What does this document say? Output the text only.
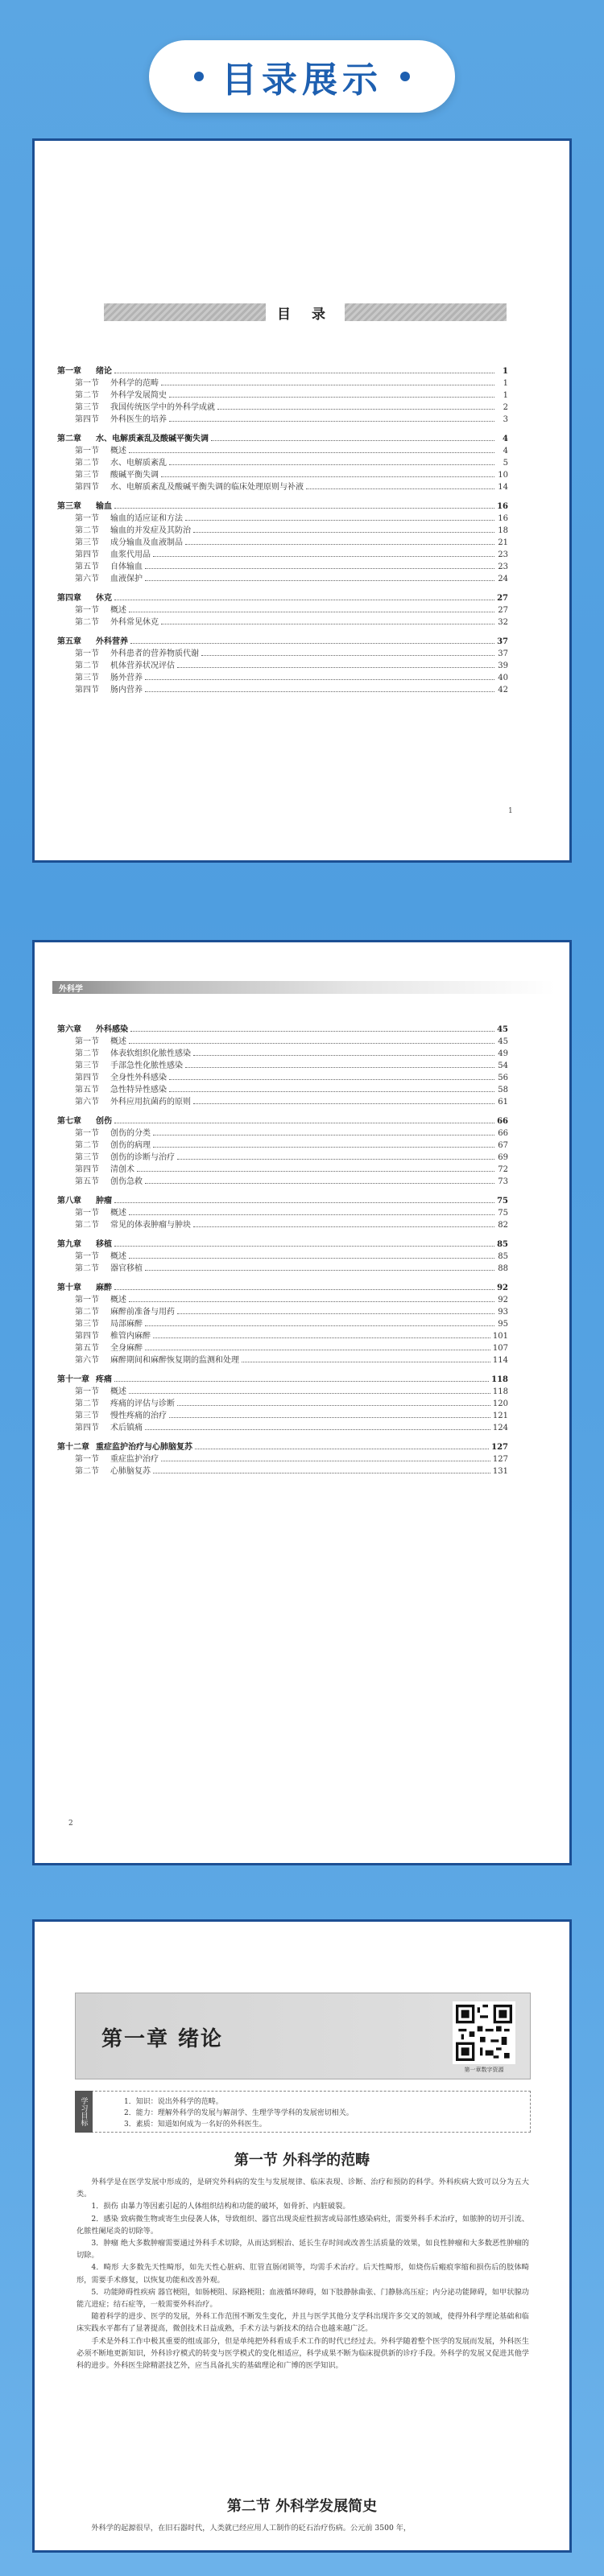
目录展示
目 录
第一章	绪论	1
第一节	外科学的范畴	1
第二节	外科学发展简史	1
第三节	我国传统医学中的外科学成就	2
第四节	外科医生的培养	3
第二章	水、电解质紊乱及酸碱平衡失调	4
第一节	概述	4
第二节	水、电解质紊乱	5
第三节	酸碱平衡失调	10
第四节	水、电解质紊乱及酸碱平衡失调的临床处理原则与补液	14
第三章	输血	16
第一节	输血的适应证和方法	16
第二节	输血的并发症及其防治	18
第三节	成分输血及血液制品	21
第四节	血浆代用品	23
第五节	自体输血	23
第六节	血液保护	24
第四章	休克	27
第一节	概述	27
第二节	外科常见休克	32
第五章	外科营养	37
第一节	外科患者的营养物质代谢	37
第二节	机体营养状况评估	39
第三节	肠外营养	40
第四节	肠内营养	42
1
外科学
第六章	外科感染	45
第一节	概述	45
第二节	体表软组织化脓性感染	49
第三节	手部急性化脓性感染	54
第四节	全身性外科感染	56
第五节	急性特异性感染	58
第六节	外科应用抗菌药的原则	61
第七章	创伤	66
第一节	创伤的分类	66
第二节	创伤的病理	67
第三节	创伤的诊断与治疗	69
第四节	清创术	72
第五节	创伤急救	73
第八章	肿瘤	75
第一节	概述	75
第二节	常见的体表肿瘤与肿块	82
第九章	移植	85
第一节	概述	85
第二节	器官移植	88
第十章	麻醉	92
第一节	概述	92
第二节	麻醉前准备与用药	93
第三节	局部麻醉	95
第四节	椎管内麻醉	101
第五节	全身麻醉	107
第六节	麻醉期间和麻醉恢复期的监测和处理	114
第十一章 疼痛	118
第一节	概述	118
第二节	疼痛的评估与诊断	120
第三节	慢性疼痛的治疗	121
第四节	术后镇痛	124
第十二章 重症监护治疗与心肺脑复苏	127
第一节	重症监护治疗	127
第二节	心肺脑复苏	131
2
第一章 绪论
第一章数字资源
学习目标	1．知识：说出外科学的范畴。
2．能力：理解外科学的发展与解剖学、生理学等学科的发展密切相关。
3．素质：知道如何成为一名好的外科医生。
第一节 外科学的范畴

外科学是在医学发展中形成的，是研究外科病的发生与发展规律、临床表现、诊断、治疗和预防的科学。外科疾病大致可以分为五大类。

1．损伤 由暴力等因素引起的人体组织结构和功能的破坏，如骨折、内脏破裂。

2．感染 致病微生物或寄生虫侵袭人体，导致组织、器官出现炎症性损害或局部性感染病灶，需要外科手术治疗，如脓肿的切开引流、化脓性阑尾炎的切除等。

3．肿瘤 绝大多数肿瘤需要通过外科手术切除，从而达到根治、延长生存时间或改善生活质量的效果，如良性肿瘤和大多数恶性肿瘤的切除。

4．畸形 大多数先天性畸形，如先天性心脏病、肛管直肠闭锁等，均需手术治疗。后天性畸形，如烧伤后瘢痕挛缩和损伤后的肢体畸形，需要手术修复，以恢复功能和改善外观。

5．功能障碍性疾病 器官梗阻，如肠梗阻、尿路梗阻；血液循环障碍，如下肢静脉曲张、门静脉高压症；内分泌功能障碍，如甲状腺功能亢进症；结石症等，一般需要外科治疗。

随着科学的进步、医学的发展，外科工作范围不断发生变化，并且与医学其他分支学科出现许多交叉的领域，使得外科学理论基础和临床实践水平都有了显著提高，微创技术日益成熟，手术方法与新技术的结合也越来越广泛。

手术是外科工作中极其重要的组成部分，但是单纯把外科看成手术工作的时代已经过去。外科学随着整个医学的发展而发展，外科医生必须不断地更新知识，外科诊疗模式的转变与医学模式的变化相适应，科学成果不断为临床提供新的诊疗手段。外科学的发展又促进其他学科的进步。外科医生除精湛技艺外，应当具备扎实的基础理论和广博的医学知识。

第二节 外科学发展简史

外科学的起源很早，在旧石器时代，人类就已经应用人工制作的砭石治疗伤病。公元前 3500 年，
